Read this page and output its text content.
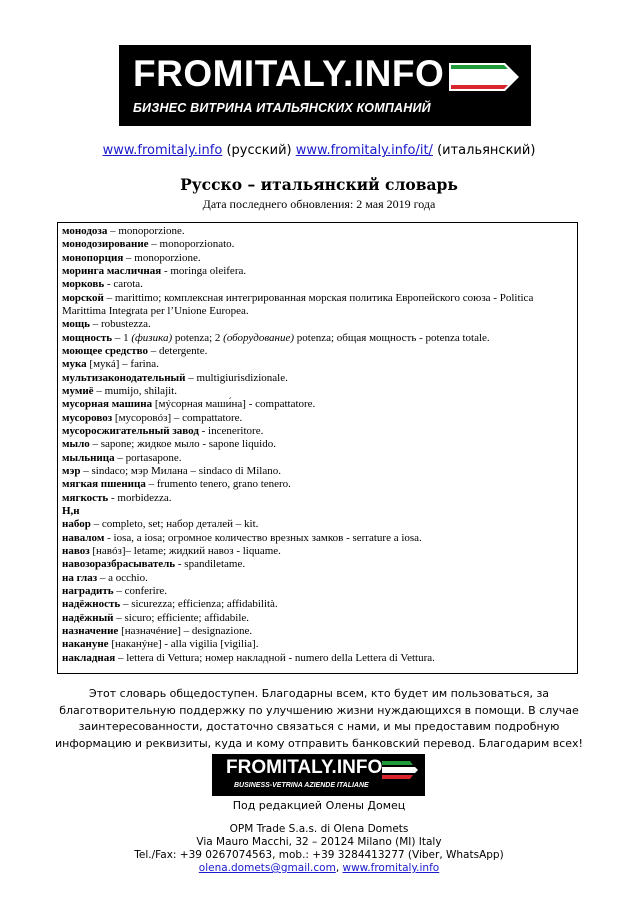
FROMITALY.INFO
БИЗНЕС ВИТРИНА ИТАЛЬЯНСКИХ КОМПАНИЙ
www.fromitaly.info (русский) www.fromitaly.info/it/ (итальянский)
Русско – итальянский словарь
Дата последнего обновления: 2 мая 2019 года
монодоза – monoporzione.
монодозирование – monoporzionato.
монопорция – monoporzione.
моринга масличная - moringa oleifera.
морковь - carota.
морской – marittimo; комплексная интегрированная морская политика Европейского союза - Politica
Marittima Integrata per l’Unione Europea.
мощь – robustezza.
мощность – 1 (физика) potenza; 2 (оборудование) potenza; общая мощность - potenza totale.
моющее средство – detergente.
мука [мукá] – farina.
мультизаконодательный – multigiurisdizionale.
мумиё – mumijo, shilajit.
мусорная машина [мýсорная маши́на] - compattatore.
мусоровоз [мусоровóз] – compattatore.
мусоросжигательный завод - inceneritore.
мыло – sapone; жидкое мыло - sapone liquido.
мыльница – portasapone.
мэр – sindaco; мэр Милана – sindaco di Milano.
мягкая пшеница – frumento tenero, grano tenero.
мягкость - morbidezza.
Н,н
набор – completo, set; набор деталей – kit.
навалом - iosa, a iosa; огромное количество врезных замков - serrature a iosa.
навоз [навóз]– letame; жидкий навоз - liquame.
навозоразбрасыватель - spandiletame.
на глаз – a occhio.
наградить – conferire.
надёжность – sicurezza; efficienza; affidabilità.
надёжный – sicuro; efficiente; affidabile.
назначение [назначéние] – designazione.
накануне [наканýне] - alla vigilia [vigilia].
накладная – lettera di Vettura; номер накладной - numero della Lettera di Vettura.
Этот словарь общедоступен. Благодарны всем, кто будет им пользоваться, за благотворительную поддержку по улучшению жизни нуждающихся в помощи. В случае заинтересованности, достаточно связаться с нами, и мы предоставим подробную информацию и реквизиты, куда и кому отправить банковский перевод. Благодарим всех!
FROMITALY.INFO
BUSINESS-VETRINA AZIENDE ITALIANE
Под редакцией Олены Домец
OPM Trade S.a.s. di Olena Domets
Via Mauro Macchi, 32 – 20124 Milano (MI) Italy
Tel./Fax: +39 0267074563, mob.: +39 3284413277 (Viber, WhatsApp)
olena.domets@gmail.com, www.fromitaly.info
